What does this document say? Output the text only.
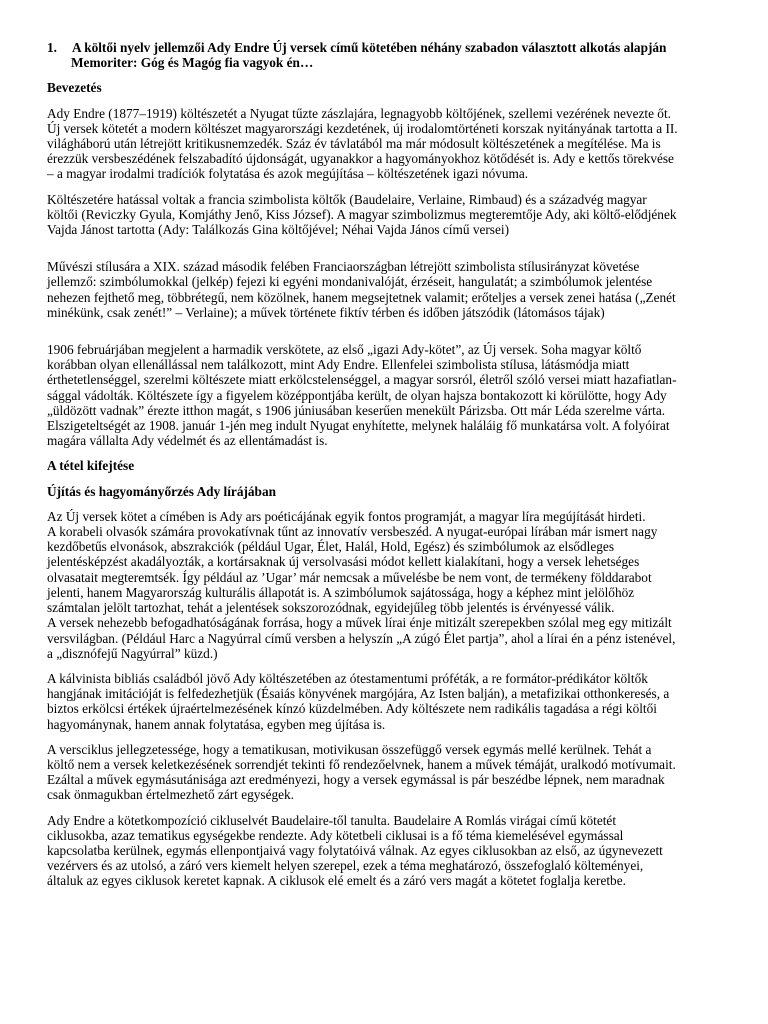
1.	A költői nyelv jellemzői Ady Endre Új versek című kötetében néhány szabadon választott alkotás alapján
Memoriter: Góg és Magóg fia vagyok én…
Bevezetés

Ady Endre (1877–1919) költészetét a Nyugat tűzte zászlajára, legnagyobb költőjének, szellemi vezérének nevezte őt.
Új versek kötetét a modern költészet magyarországi kezdetének, új irodalomtörténeti korszak nyitányának tartotta a II.
világháború után létrejött kritikusnemzedék. Száz év távlatából ma már módosult költészetének a megítélése. Ma is
érezzük versbeszédének felszabadító újdonságát, ugyanakkor a hagyományokhoz kötődését is. Ady e kettős törekvése
– a magyar irodalmi tradíciók folytatása és azok megújítása – költészetének igazi nóvuma.

Költészetére hatással voltak a francia szimbolista költők (Baudelaire, Verlaine, Rimbaud) és a századvég magyar
költői (Reviczky Gyula, Komjáthy Jenő, Kiss József). A magyar szimbolizmus megteremtője Ady, aki költő-elődjének
Vajda Jánost tartotta (Ady: Találkozás Gina költőjével; Néhai Vajda János című versei)

Művészi stílusára a XIX. század második felében Franciaországban létrejött szimbolista stílusirányzat követése
jellemző: szimbólumokkal (jelkép) fejezi ki egyéni mondanivalóját, érzéseit, hangulatát; a szimbólumok jelentése
nehezen fejthető meg, többrétegű, nem közölnek, hanem megsejtetnek valamit; erőteljes a versek zenei hatása („Zenét
minékünk, csak zenét!” – Verlaine); a művek története fiktív térben és időben játszódik (látomásos tájak)

1906 februárjában megjelent a harmadik verskötete, az első „igazi Ady-kötet”, az Új versek. Soha magyar költő
korábban olyan ellenállással nem találkozott, mint Ady Endre. Ellenfelei szimbolista stílusa, látásmódja miatt
érthetetlenséggel, szerelmi költészete miatt erkölcstelenséggel, a magyar sorsról, életről szóló versei miatt hazafiatlan-
sággal vádolták. Költészete így a figyelem középpontjába került, de olyan hajsza bontakozott ki körülötte, hogy Ady
„üldözött vadnak” érezte itthon magát, s 1906 júniusában keserűen menekült Párizsba. Ott már Léda szerelme várta.
Elszigeteltségét az 1908. január 1-jén meg indult Nyugat enyhítette, melynek haláláig fő munkatársa volt. A folyóirat
magára vállalta Ady védelmét és az ellentámadást is.

A tétel kifejtése
Újítás és hagyományőrzés Ady lírájában

Az Új versek kötet a címében is Ady ars poéticájának egyik fontos programját, a magyar líra megújítását hirdeti.
A korabeli olvasók számára provokatívnak tűnt az innovatív versbeszéd. A nyugat-európai lírában már ismert nagy
kezdőbetűs elvonások, abszrakciók (például Ugar, Élet, Halál, Hold, Egész) és szimbólumok az elsődleges
jelentésképzést akadályozták, a kortársaknak új versolvasási módot kellett kialakítani, hogy a versek lehetséges
olvasatait megteremtsék. Így például az ’Ugar’ már nemcsak a művelésbe be nem vont, de termékeny földdarabot
jelenti, hanem Magyarország kulturális állapotát is. A szimbólumok sajátossága, hogy a képhez mint jelölőhöz
számtalan jelölt tartozhat, tehát a jelentések sokszorozódnak, egyidejűleg több jelentés is érvényessé válik.
A versek nehezebb befogadhatóságának forrása, hogy a művek lírai énje mitizált szerepekben szólal meg egy mitizált
versvilágban. (Például Harc a Nagyúrral című versben a helyszín „A zúgó Élet partja”, ahol a lírai én a pénz istenével,
a „disznófejű Nagyúrral” küzd.)

A kálvinista bibliás családból jövő Ady költészetében az ótestamentumi próféták, a re formátor-prédikátor költők
hangjának imitációját is felfedezhetjük (Ésaiás könyvének margójára, Az Isten balján), a metafizikai otthonkeresés, a
biztos erkölcsi értékek újraértelmezésének kínzó küzdelmében. Ady költészete nem radikális tagadása a régi költői
hagyománynak, hanem annak folytatása, egyben meg újítása is.

A versciklus jellegzetessége, hogy a tematikusan, motivikusan összefüggő versek egymás mellé kerülnek. Tehát a
költő nem a versek keletkezésének sorrendjét tekinti fő rendezőelvnek, hanem a művek témáját, uralkodó motívumait.
Ezáltal a művek egymásutánisága azt eredményezi, hogy a versek egymással is pár beszédbe lépnek, nem maradnak
csak önmagukban értelmezhető zárt egységek.

Ady Endre a kötetkompozíció cikluselvét Baudelaire-től tanulta. Baudelaire A Romlás virágai című kötetét
ciklusokba, azaz tematikus egységekbe rendezte. Ady kötetbeli ciklusai is a fő téma kiemelésével egymással
kapcsolatba kerülnek, egymás ellenpontjaivá vagy folytatóivá válnak. Az egyes ciklusokban az első, az úgynevezett
vezérvers és az utolsó, a záró vers kiemelt helyen szerepel, ezek a téma meghatározó, összefoglaló költeményei,
általuk az egyes ciklusok keretet kapnak. A ciklusok elé emelt és a záró vers magát a kötetet foglalja keretbe.
